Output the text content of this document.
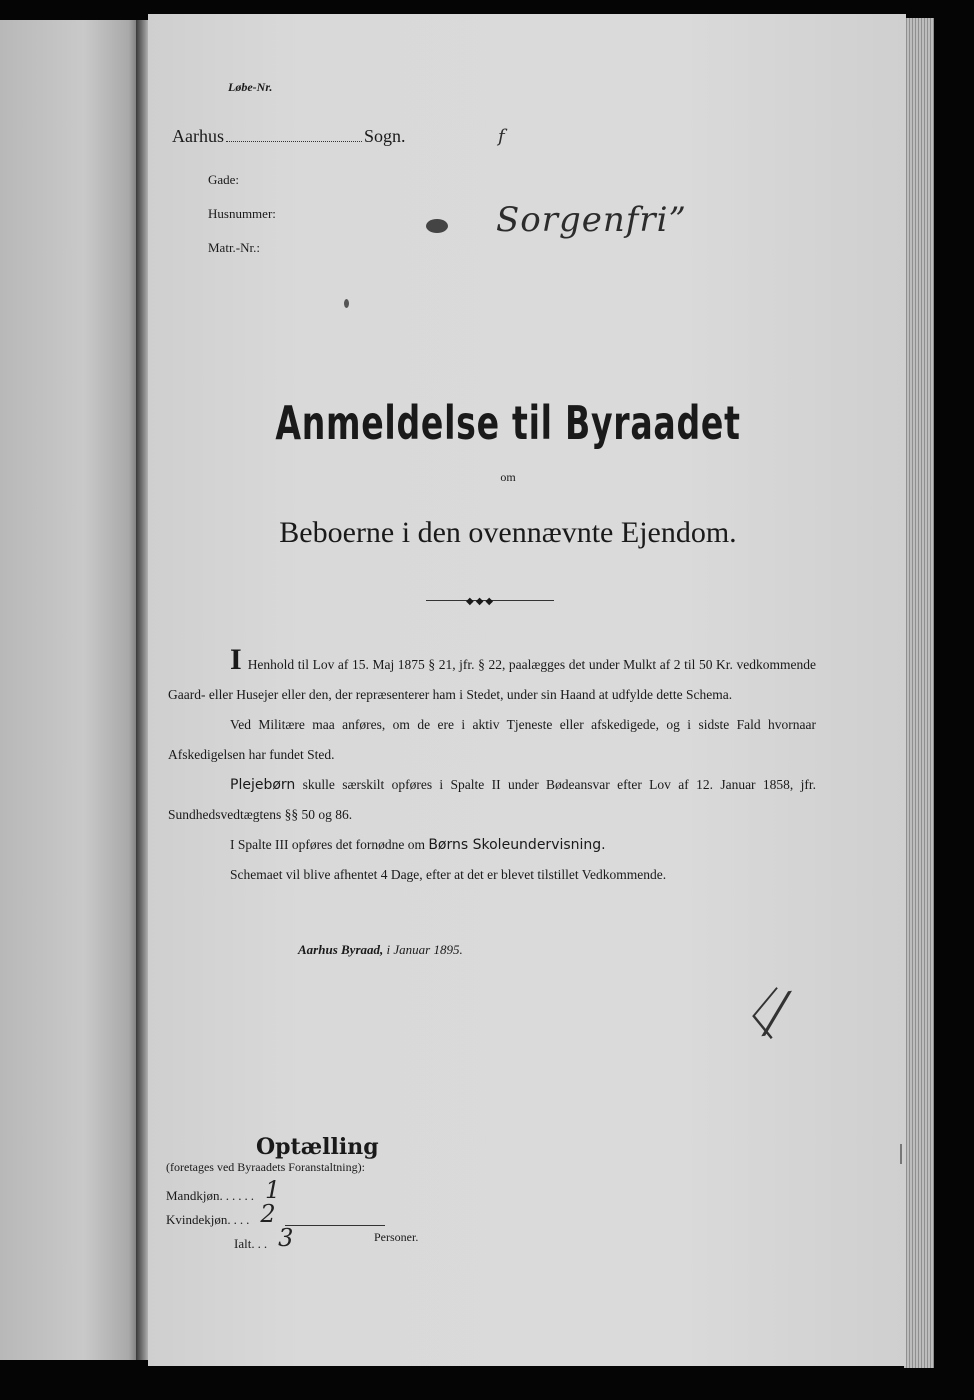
Løbe-Nr.
Aarhus	Sogn.	f
Gade:
Husnummer:
Matr.-Nr.:
Sorgenfri”
Anmeldelse til Byraadet
om
Beboerne i den ovennævnte Ejendom.
◆◆◆

I Henhold til Lov af 15. Maj 1875 § 21, jfr. § 22, paalægges det under Mulkt af 2 til 50 Kr. vedkommende Gaard- eller Husejer eller den, der repræsenterer ham i Stedet, under sin Haand at udfylde dette Schema.

Ved Militære maa anføres, om de ere i aktiv Tjeneste eller afskedigede, og i sidste Fald hvornaar Afskedigelsen har fundet Sted.

Plejebørn skulle særskilt opføres i Spalte II under Bødeansvar efter Lov af 12. Januar 1858, jfr. Sundhedsvedtægtens §§ 50 og 86.

I Spalte III opføres det fornødne om Børns Skoleundervisning.

Schemaet vil blive afhentet 4 Dage, efter at det er blevet tilstillet Vedkommende.

Aarhus Byraad, i Januar 1895.
〈⁄
Optælling
(foretages ved Byraadets Foranstaltning):
Mandkjøn ...... 1
Kvindekjøn .... 2
Ialt ... 3	Personer.
